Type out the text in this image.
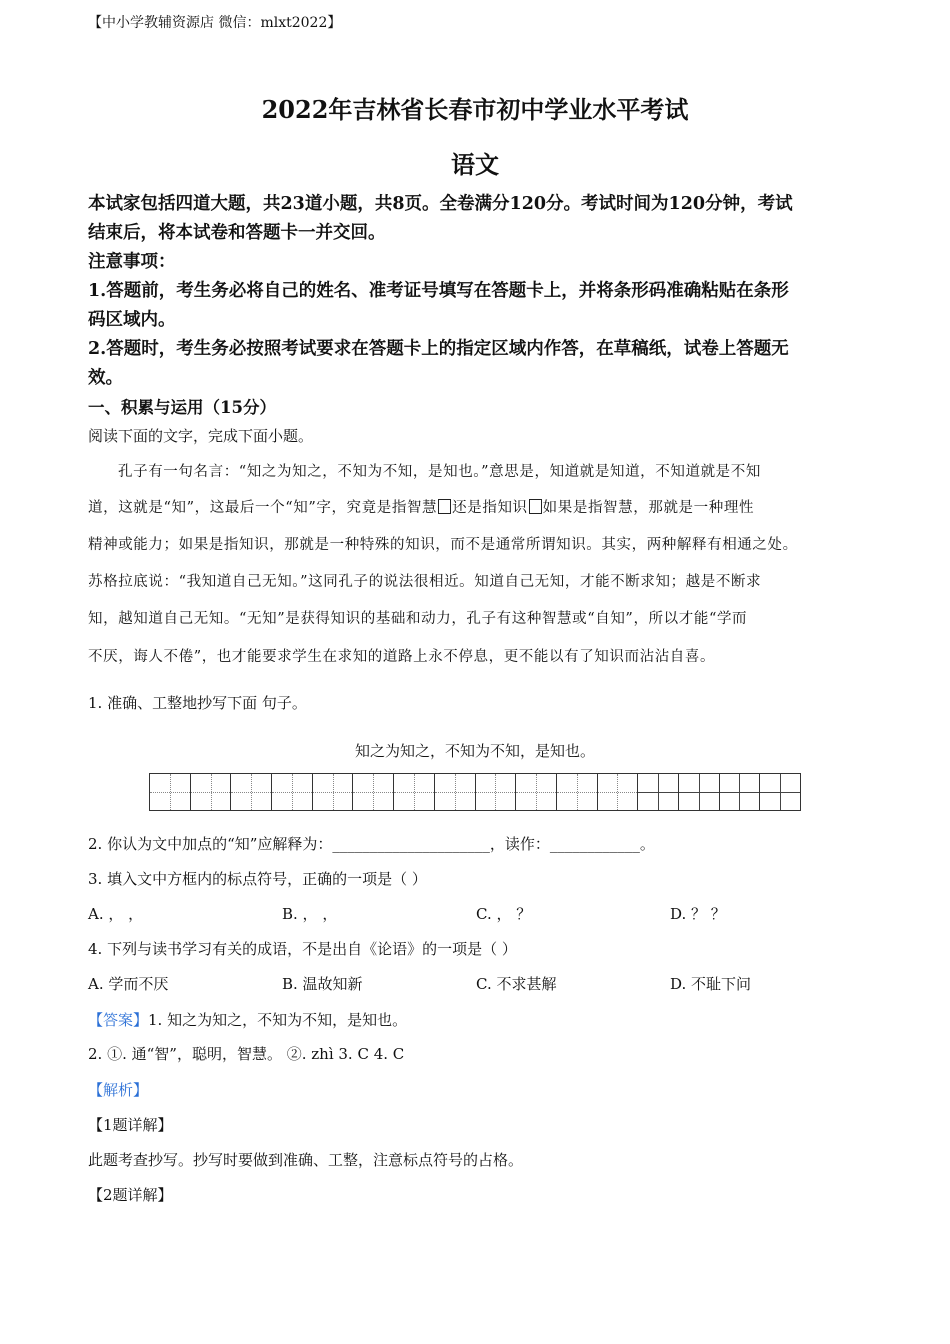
【中小学教辅资源店 微信：mlxt2022】
2022年吉林省长春市初中学业水平考试
语文
本试家包括四道大题，共23道小题，共8页。全卷满分120分。考试时间为120分钟，考试
结束后，将本试卷和答题卡一并交回。
注意事项：
1.答题前，考生务必将自己的姓名、准考证号填写在答题卡上，并将条形码准确粘贴在条形
码区域内。
2.答题时，考生务必按照考试要求在答题卡上的指定区域内作答，在草稿纸，试卷上答题无
效。
一、积累与运用（15分）
阅读下面的文字，完成下面小题。
孔子有一句名言：“知之为知之，不知为不知，是知也。”意思是，知道就是知道，不知道就是不知
道，这就是“知”，这最后一个“知”字，究竟是指智慧 还是指知识 如果是指智慧，那就是一种理性
精神或能力；如果是指知识，那就是一种特殊的知识，而不是通常所谓知识。其实，两种解释有相通之处。
苏格拉底说：“我知道自己无知。”这同孔子的说法很相近。知道自己无知，才能不断求知；越是不断求
知，越知道自己无知。“无知”是获得知识的基础和动力，孔子有这种智慧或“自知”，所以才能“学而
不厌，诲人不倦”，也才能要求学生在求知的道路上永不停息，更不能以有了知识而沾沾自喜。
1. 准确、工整地抄写下面 句子。
知之为知之，不知为不知，是知也。
2. 你认为文中加点的“知”应解释为：_____________________，读作：____________。
3. 填入文中方框内的标点符号，正确的一项是（ ）
A. ， ，	B. ， ，	C. ， ？	D. ？ ？
4. 下列与读书学习有关的成语，不是出自《论语》的一项是（ ）
A. 学而不厌	B. 温故知新	C. 不求甚解	D. 不耻下问
【答案】1. 知之为知之，不知为不知，是知也。
2. ①. 通“智”，聪明，智慧。 ②. zhì 3. C 4. C
【解析】
【1题详解】
此题考查抄写。抄写时要做到准确、工整，注意标点符号的占格。
【2题详解】
